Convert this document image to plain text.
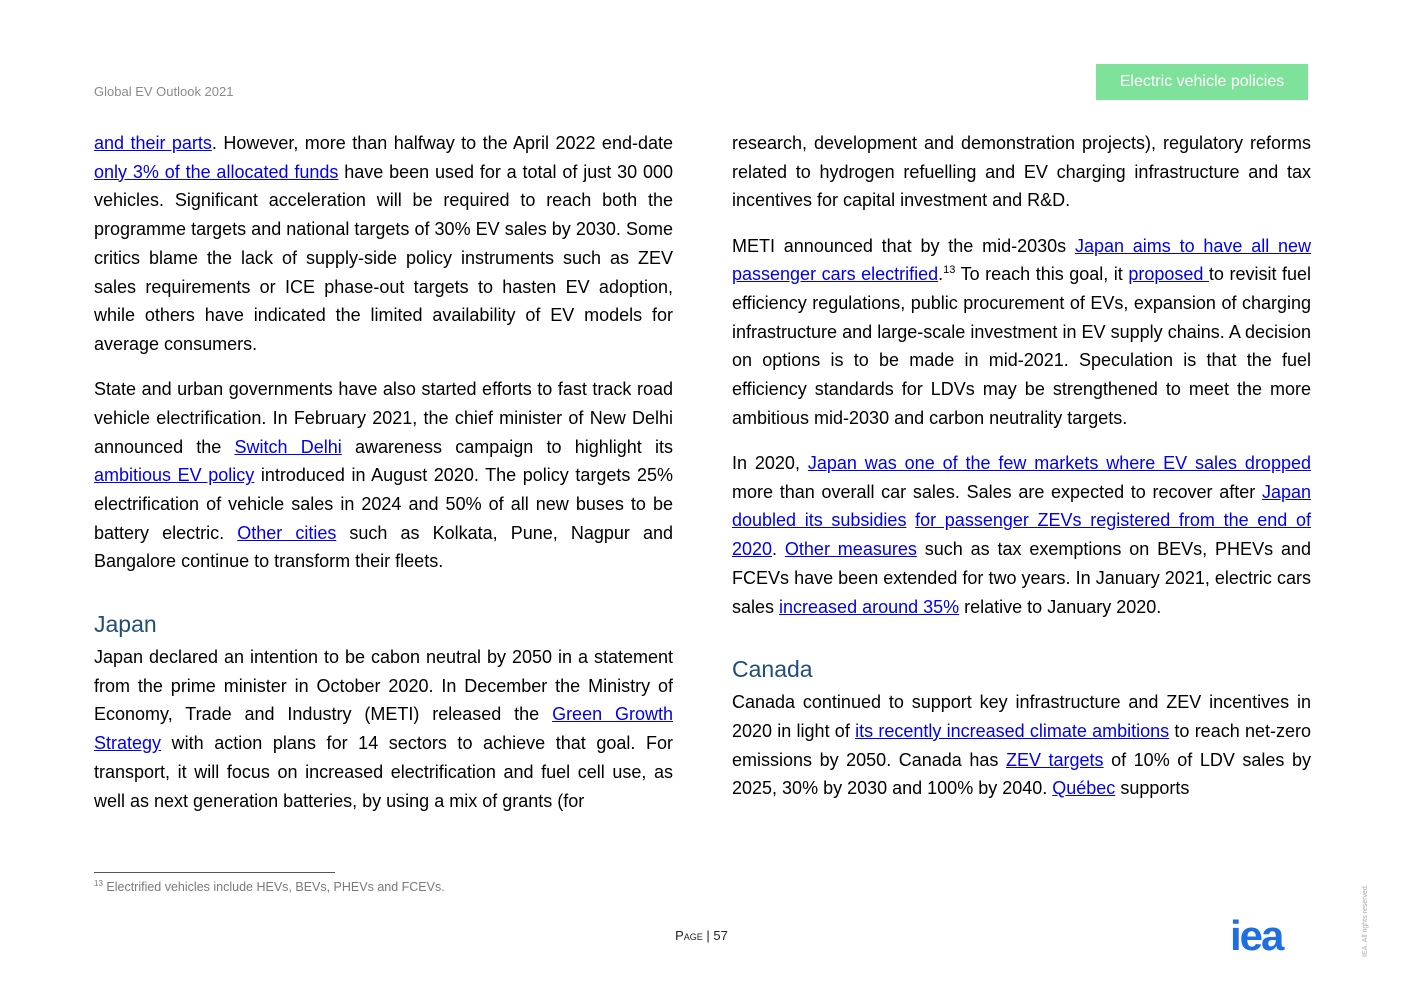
Global EV Outlook 2021
Electric vehicle policies

and their parts. However, more than halfway to the April 2022 end-date only 3% of the allocated funds have been used for a total of just 30 000 vehicles. Significant acceleration will be required to reach both the programme targets and national targets of 30% EV sales by 2030. Some critics blame the lack of supply-side policy instruments such as ZEV sales requirements or ICE phase-out targets to hasten EV adoption, while others have indicated the limited availability of EV models for average consumers.

State and urban governments have also started efforts to fast track road vehicle electrification. In February 2021, the chief minister of New Delhi announced the Switch Delhi awareness campaign to highlight its ambitious EV policy introduced in August 2020. The policy targets 25% electrification of vehicle sales in 2024 and 50% of all new buses to be battery electric. Other cities such as Kolkata, Pune, Nagpur and Bangalore continue to transform their fleets.

Japan

Japan declared an intention to be cabon neutral by 2050 in a statement from the prime minister in October 2020. In December the Ministry of Economy, Trade and Industry (METI) released the Green Growth Strategy with action plans for 14 sectors to achieve that goal. For transport, it will focus on increased electrification and fuel cell use, as well as next generation batteries, by using a mix of grants (for

research, development and demonstration projects), regulatory reforms related to hydrogen refuelling and EV charging infrastructure and tax incentives for capital investment and R&D.

METI announced that by the mid-2030s Japan aims to have all new passenger cars electrified.$^{13}$ To reach this goal, it proposed to revisit fuel efficiency regulations, public procurement of EVs, expansion of charging infrastructure and large-scale investment in EV supply chains. A decision on options is to be made in mid-2021. Speculation is that the fuel efficiency standards for LDVs may be strengthened to meet the more ambitious mid-2030 and carbon neutrality targets.

In 2020, Japan was one of the few markets where EV sales dropped more than overall car sales. Sales are expected to recover after Japan doubled its subsidies for passenger ZEVs registered from the end of 2020. Other measures such as tax exemptions on BEVs, PHEVs and FCEVs have been extended for two years. In January 2021, electric cars sales increased around 35% relative to January 2020.

Canada

Canada continued to support key infrastructure and ZEV incentives in 2020 in light of its recently increased climate ambitions to reach net-zero emissions by 2050. Canada has ZEV targets of 10% of LDV sales by 2025, 30% by 2030 and 100% by 2040. Québec supports

$^{13}$ Electrified vehicles include HEVs, BEVs, PHEVs and FCEVs.
Page | 57	iea	IEA. All rights reserved.
